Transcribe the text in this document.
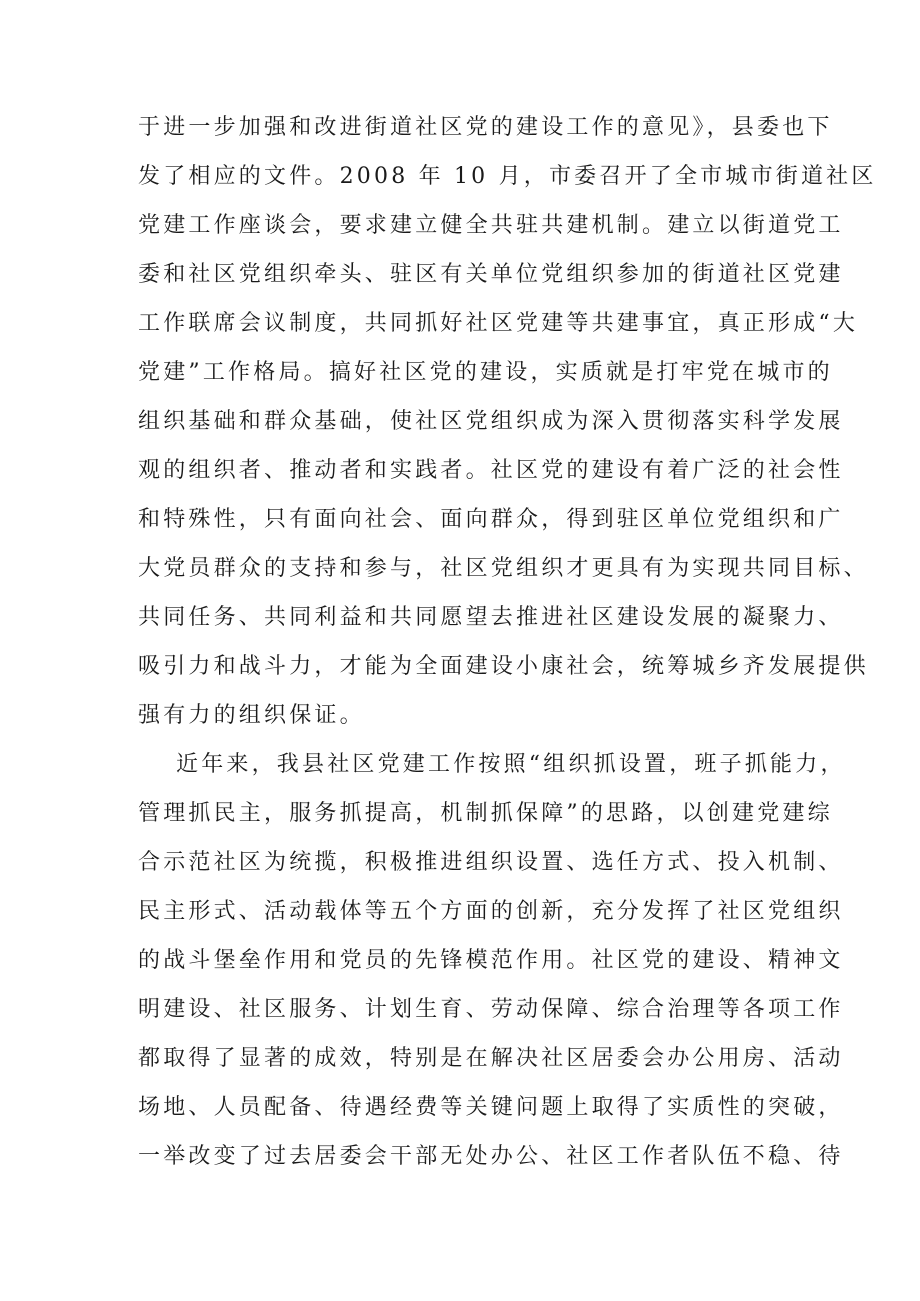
于进一步加强和改进街道社区党的建设工作的意见》，县委也下
发了相应的文件。2008 年 10 月，市委召开了全市城市街道社区
党建工作座谈会，要求建立健全共驻共建机制。建立以街道党工
委和社区党组织牵头、驻区有关单位党组织参加的街道社区党建
工作联席会议制度，共同抓好社区党建等共建事宜，真正形成“大
党建”工作格局。搞好社区党的建设，实质就是打牢党在城市的
组织基础和群众基础，使社区党组织成为深入贯彻落实科学发展
观的组织者、推动者和实践者。社区党的建设有着广泛的社会性
和特殊性，只有面向社会、面向群众，得到驻区单位党组织和广
大党员群众的支持和参与，社区党组织才更具有为实现共同目标、
共同任务、共同利益和共同愿望去推进社区建设发展的凝聚力、
吸引力和战斗力，才能为全面建设小康社会，统筹城乡齐发展提供
强有力的组织保证。
近年来，我县社区党建工作按照“组织抓设置，班子抓能力，
管理抓民主，服务抓提高，机制抓保障”的思路，以创建党建综
合示范社区为统揽，积极推进组织设置、选任方式、投入机制、
民主形式、活动载体等五个方面的创新，充分发挥了社区党组织
的战斗堡垒作用和党员的先锋模范作用。社区党的建设、精神文
明建设、社区服务、计划生育、劳动保障、综合治理等各项工作
都取得了显著的成效，特别是在解决社区居委会办公用房、活动
场地、人员配备、待遇经费等关键问题上取得了实质性的突破，
一举改变了过去居委会干部无处办公、社区工作者队伍不稳、待
